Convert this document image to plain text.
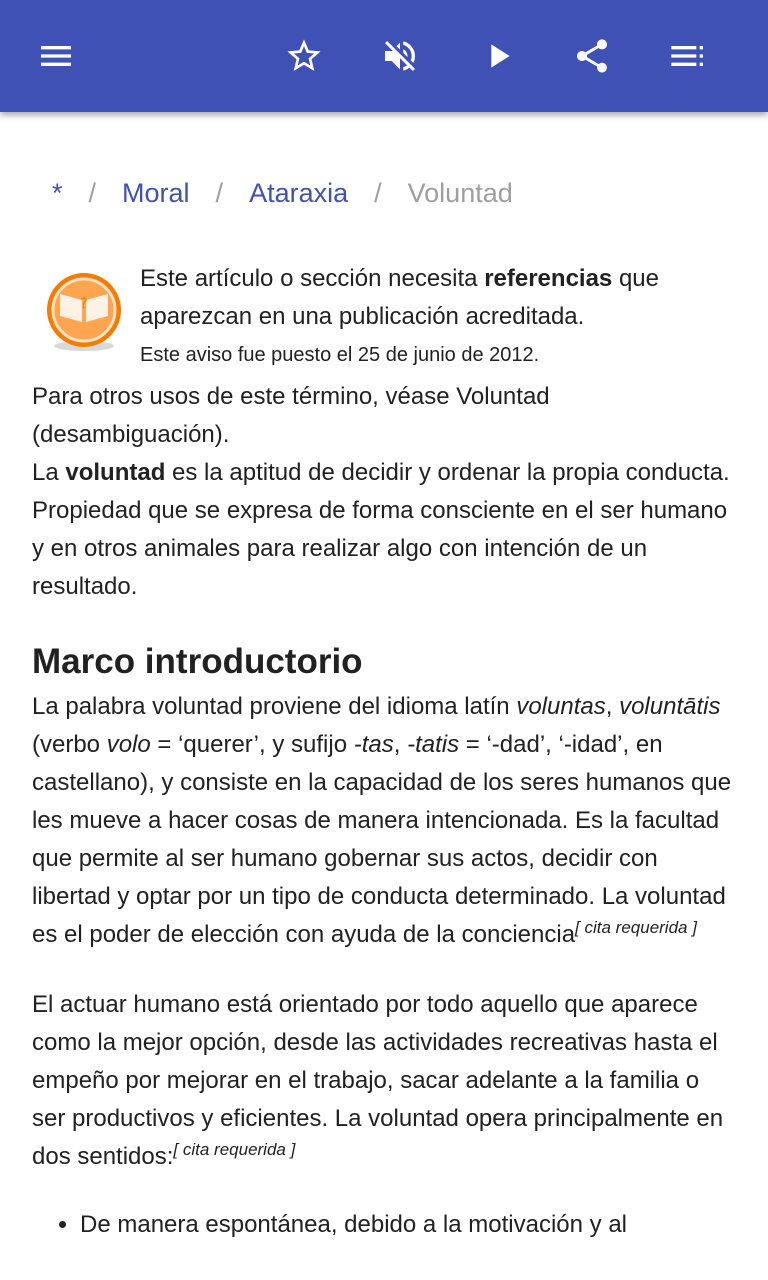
* / Moral / Ataraxia / Voluntad
?

Este artículo o sección necesita referencias que aparezcan en una publicación acreditada.

Este aviso fue puesto el 25 de junio de 2012.

Para otros usos de este término, véase Voluntad (desambiguación).

La voluntad es la aptitud de decidir y ordenar la propia conducta. Propiedad que se expresa de forma consciente en el ser humano y en otros animales para realizar algo con intención de un resultado.

Marco introductorio

La palabra voluntad proviene del idioma latín voluntas, voluntātis (verbo volo = ‘querer’, y sufijo -tas, -tatis = ‘-dad’, ‘-idad’, en castellano), y consiste en la capacidad de los seres humanos que les mueve a hacer cosas de manera intencionada. Es la facultad que permite al ser humano gobernar sus actos, decidir con libertad y optar por un tipo de conducta determinado. La voluntad es el poder de elección con ayuda de la conciencia[ cita requerida ]

El actuar humano está orientado por todo aquello que aparece como la mejor opción, desde las actividades recreativas hasta el empeño por mejorar en el trabajo, sacar adelante a la familia o ser productivos y eficientes. La voluntad opera principalmente en dos sentidos:[ cita requerida ]

• De manera espontánea, debido a la motivación y al
